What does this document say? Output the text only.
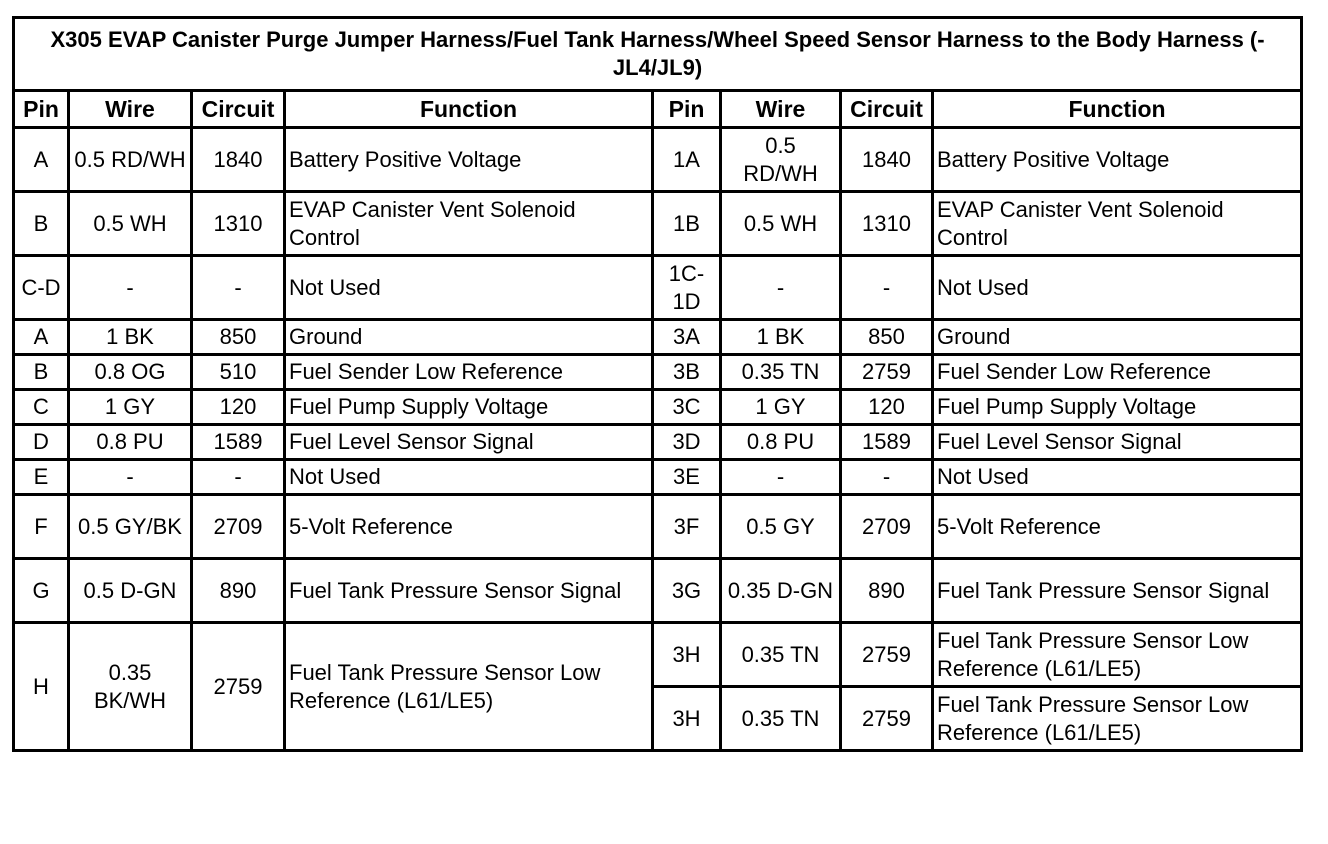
X305 EVAP Canister Purge Jumper Harness/Fuel Tank Harness/Wheel Speed Sensor Harness to the Body Harness (- JL4/JL9)							
Pin	Wire	Circuit	Function	Pin	Wire	Circuit	Function
A	0.5 RD/WH	1840	Battery Positive Voltage	1A	0.5 RD/WH	1840	Battery Positive Voltage
B	0.5 WH	1310	EVAP Canister Vent Solenoid Control	1B	0.5 WH	1310	EVAP Canister Vent Solenoid Control
C-D	-	-	Not Used	1C-1D	-	-	Not Used
A	1 BK	850	Ground	3A	1 BK	850	Ground
B	0.8 OG	510	Fuel Sender Low Reference	3B	0.35 TN	2759	Fuel Sender Low Reference
C	1 GY	120	Fuel Pump Supply Voltage	3C	1 GY	120	Fuel Pump Supply Voltage
D	0.8 PU	1589	Fuel Level Sensor Signal	3D	0.8 PU	1589	Fuel Level Sensor Signal
E	-	-	Not Used	3E	-	-	Not Used
F	0.5 GY/BK	2709	5-Volt Reference	3F	0.5 GY	2709	5-Volt Reference
G	0.5 D-GN	890	Fuel Tank Pressure Sensor Signal	3G	0.35 D-GN	890	Fuel Tank Pressure Sensor Signal
H	0.35 BK/WH	2759	Fuel Tank Pressure Sensor Low Reference (L61/LE5)	3H	0.35 TN	2759	Fuel Tank Pressure Sensor Low Reference (L61/LE5)
				3H	0.35 TN	2759	Fuel Tank Pressure Sensor Low Reference (L61/LE5)
